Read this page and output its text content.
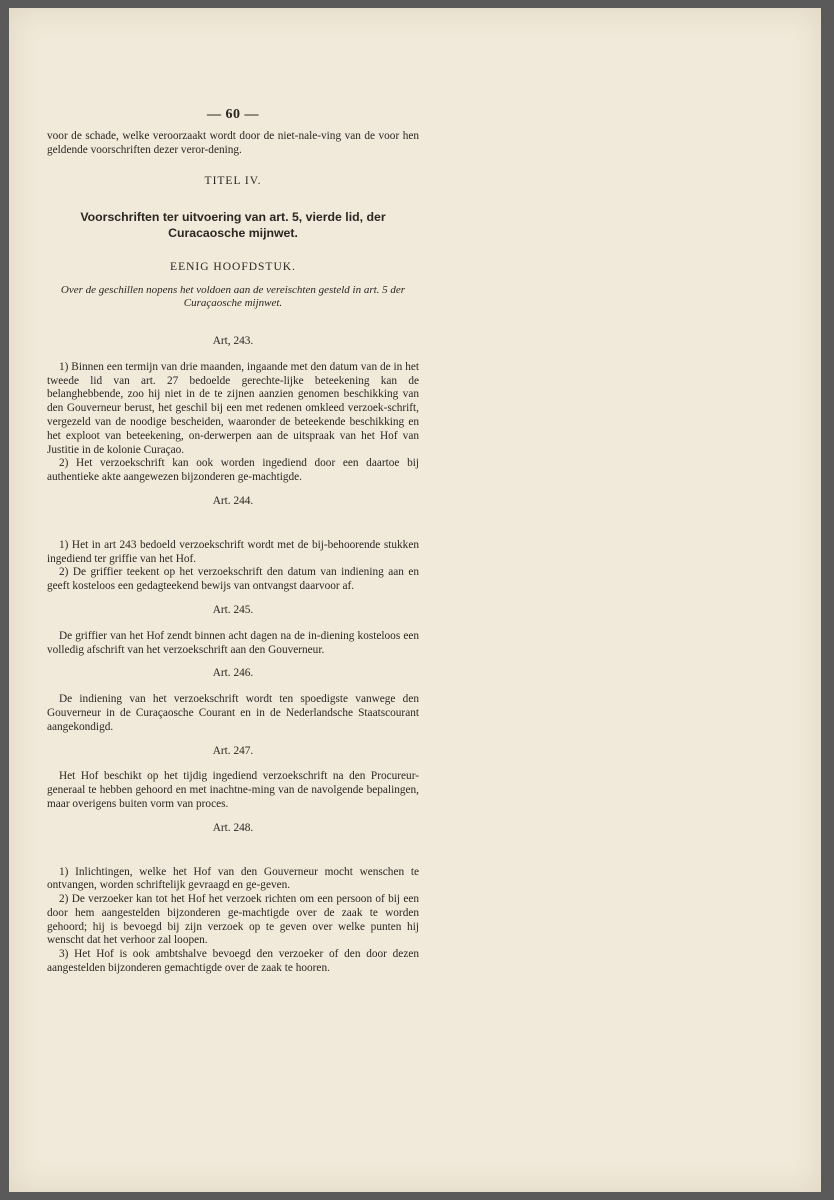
— 60 —

voor de schade, welke veroorzaakt wordt door de niet-nale-ving van de voor hen geldende voorschriften dezer veror-dening.

TITEL IV.
Voorschriften ter uitvoering van art. 5, vierde lid, der Curacaosche mijnwet.
EENIG HOOFDSTUK.
Over de geschillen nopens het voldoen aan de vereischten gesteld in art. 5 der Curaçaosche mijnwet.
Art, 243.

1) Binnen een termijn van drie maanden, ingaande met den datum van de in het tweede lid van art. 27 bedoelde gerechte-lijke beteekening kan de belanghebbende, zoo hij niet in de te zijnen aanzien genomen beschikking van den Gouverneur berust, het geschil bij een met redenen omkleed verzoek-schrift, vergezeld van de noodige bescheiden, waaronder de beteekende beschikking en het exploot van beteekening, on-derwerpen aan de uitspraak van het Hof van Justitie in de kolonie Curaçao.

2) Het verzoekschrift kan ook worden ingediend door een daartoe bij authentieke akte aangewezen bijzonderen ge-machtigde.

Art. 244.

1) Het in art 243 bedoeld verzoekschrift wordt met de bij-behoorende stukken ingediend ter griffie van het Hof.

2) De griffier teekent op het verzoekschrift den datum van indiening aan en geeft kosteloos een gedagteekend bewijs van ontvangst daarvoor af.

Art. 245.

De griffier van het Hof zendt binnen acht dagen na de in-diening kosteloos een volledig afschrift van het verzoekschrift aan den Gouverneur.

Art. 246.

De indiening van het verzoekschrift wordt ten spoedigste vanwege den Gouverneur in de Curaçaosche Courant en in de Nederlandsche Staatscourant aangekondigd.

Art. 247.

Het Hof beschikt op het tijdig ingediend verzoekschrift na den Procureur-generaal te hebben gehoord en met inachtne-ming van de navolgende bepalingen, maar overigens buiten vorm van proces.

Art. 248.

1) Inlichtingen, welke het Hof van den Gouverneur mocht wenschen te ontvangen, worden schriftelijk gevraagd en ge-geven.

2) De verzoeker kan tot het Hof het verzoek richten om een persoon of bij een door hem aangestelden bijzonderen ge-machtigde over de zaak te worden gehoord; hij is bevoegd bij zijn verzoek op te geven over welke punten hij wenscht dat het verhoor zal loopen.

3) Het Hof is ook ambtshalve bevoegd den verzoeker of den door dezen aangestelden bijzonderen gemachtigde over de zaak te hooren.
